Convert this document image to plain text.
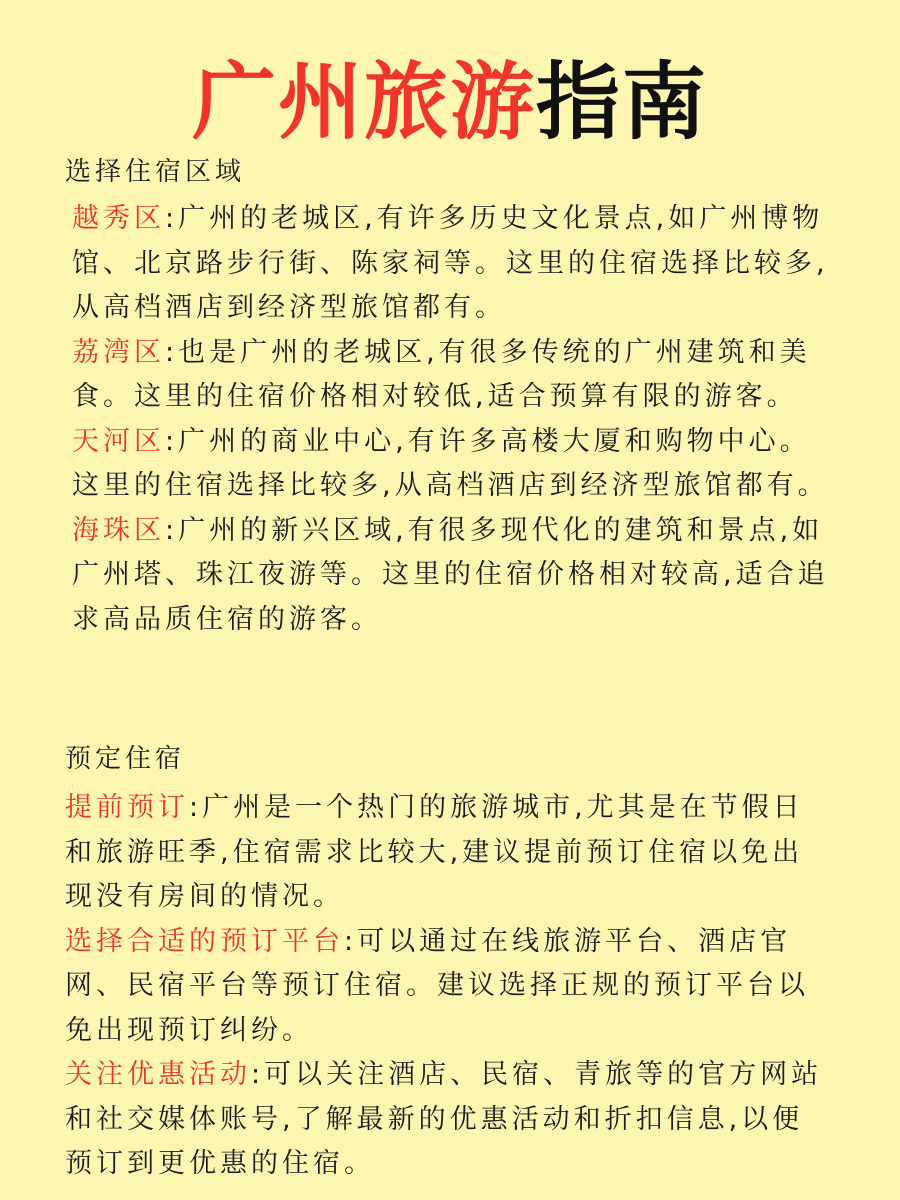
广州旅游指南
选择住宿区域

越秀区:广州的老城区,有许多历史文化景点,如广州博物馆、北京路步行街、陈家祠等。这里的住宿选择比较多,从高档酒店到经济型旅馆都有。

荔湾区:也是广州的老城区,有很多传统的广州建筑和美食。这里的住宿价格相对较低,适合预算有限的游客。

天河区:广州的商业中心,有许多高楼大厦和购物中心。这里的住宿选择比较多,从高档酒店到经济型旅馆都有。

海珠区:广州的新兴区域,有很多现代化的建筑和景点,如广州塔、珠江夜游等。这里的住宿价格相对较高,适合追求高品质住宿的游客。

预定住宿

提前预订:广州是一个热门的旅游城市,尤其是在节假日和旅游旺季,住宿需求比较大,建议提前预订住宿以免出现没有房间的情况。

选择合适的预订平台:可以通过在线旅游平台、酒店官网、民宿平台等预订住宿。建议选择正规的预订平台以免出现预订纠纷。

关注优惠活动:可以关注酒店、民宿、青旅等的官方网站和社交媒体账号,了解最新的优惠活动和折扣信息,以便预订到更优惠的住宿。
